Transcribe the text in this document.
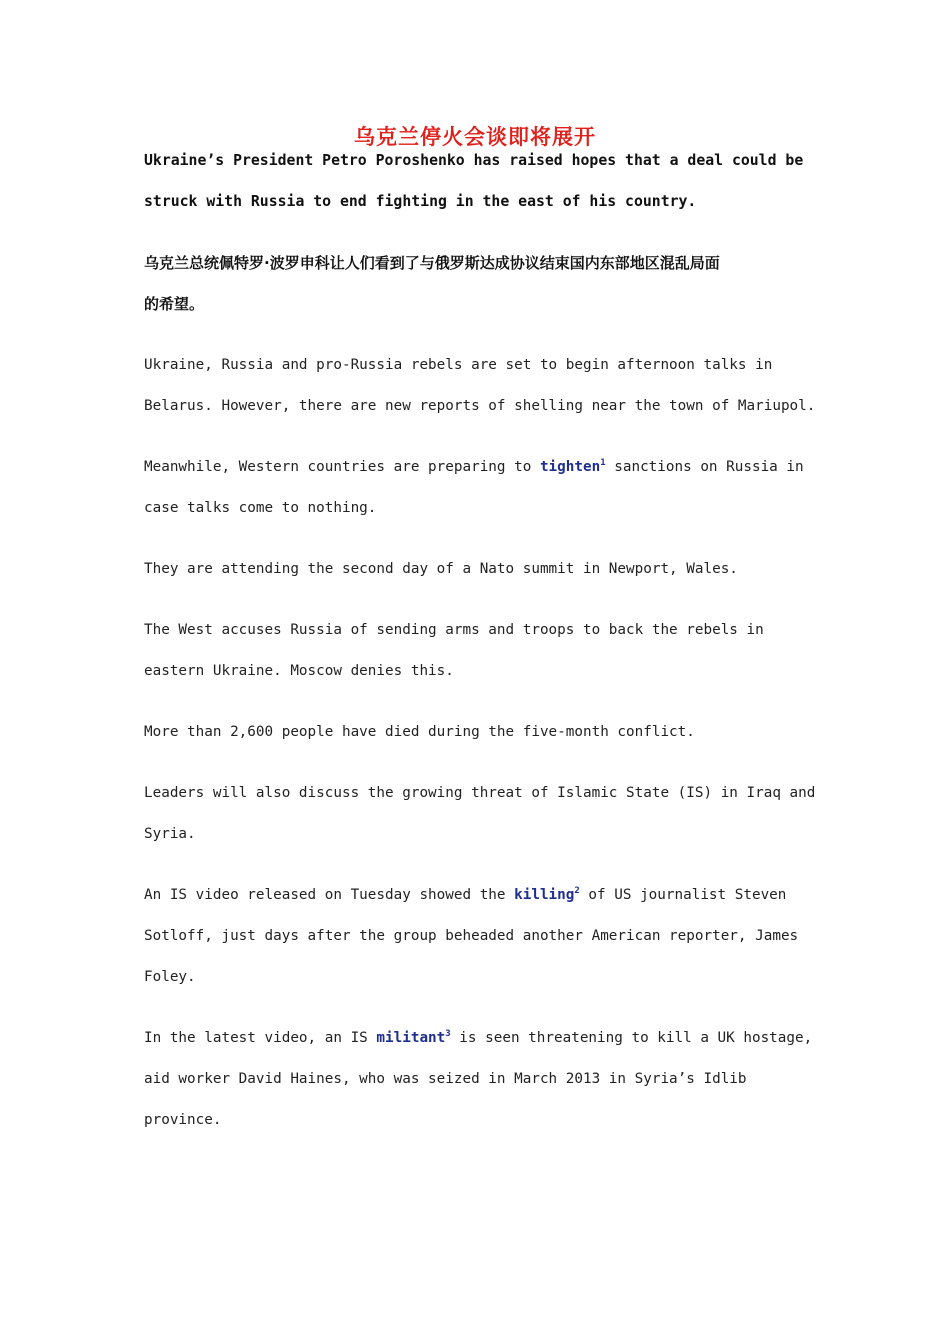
乌克兰停火会谈即将展开
Ukraine’s President Petro Poroshenko has raised hopes that a deal could be
struck with Russia to end fighting in the east of his country.
乌克兰总统佩特罗·波罗申科让人们看到了与俄罗斯达成协议结束国内东部地区混乱局面
的希望。
Ukraine, Russia and pro-Russia rebels are set to begin afternoon talks in
Belarus. However, there are new reports of shelling near the town of Mariupol.
Meanwhile, Western countries are preparing to tighten$^1$ sanctions on Russia in
case talks come to nothing.
They are attending the second day of a Nato summit in Newport, Wales.
The West accuses Russia of sending arms and troops to back the rebels in
eastern Ukraine. Moscow denies this.
More than 2,600 people have died during the five-month conflict.
Leaders will also discuss the growing threat of Islamic State (IS) in Iraq and
Syria.
An IS video released on Tuesday showed the killing$^2$ of US journalist Steven
Sotloff, just days after the group beheaded another American reporter, James
Foley.
In the latest video, an IS militant$^3$ is seen threatening to kill a UK hostage,
aid worker David Haines, who was seized in March 2013 in Syria’s Idlib
province.
